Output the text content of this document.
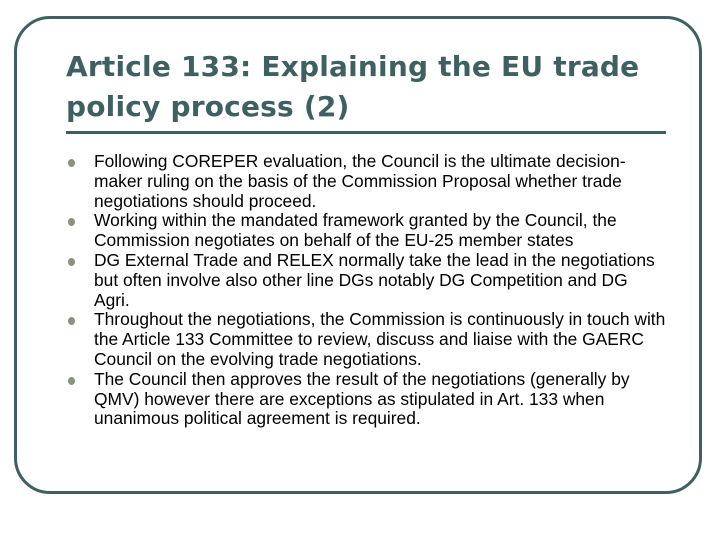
Article 133: Explaining the EU trade policy process (2)
Following COREPER evaluation, the Council is the ultimate decision-maker ruling on the basis of the Commission Proposal whether trade negotiations should proceed.
Working within the mandated framework granted by the Council, the Commission negotiates on behalf of the EU-25 member states
DG External Trade and RELEX normally take the lead in the negotiations but often involve also other line DGs notably DG Competition and DG Agri.
Throughout the negotiations, the Commission is continuously in touch with the Article 133 Committee to review, discuss and liaise with the GAERC Council on the evolving trade negotiations.
The Council then approves the result of the negotiations (generally by QMV) however there are exceptions as stipulated in Art. 133 when unanimous political agreement is required.
